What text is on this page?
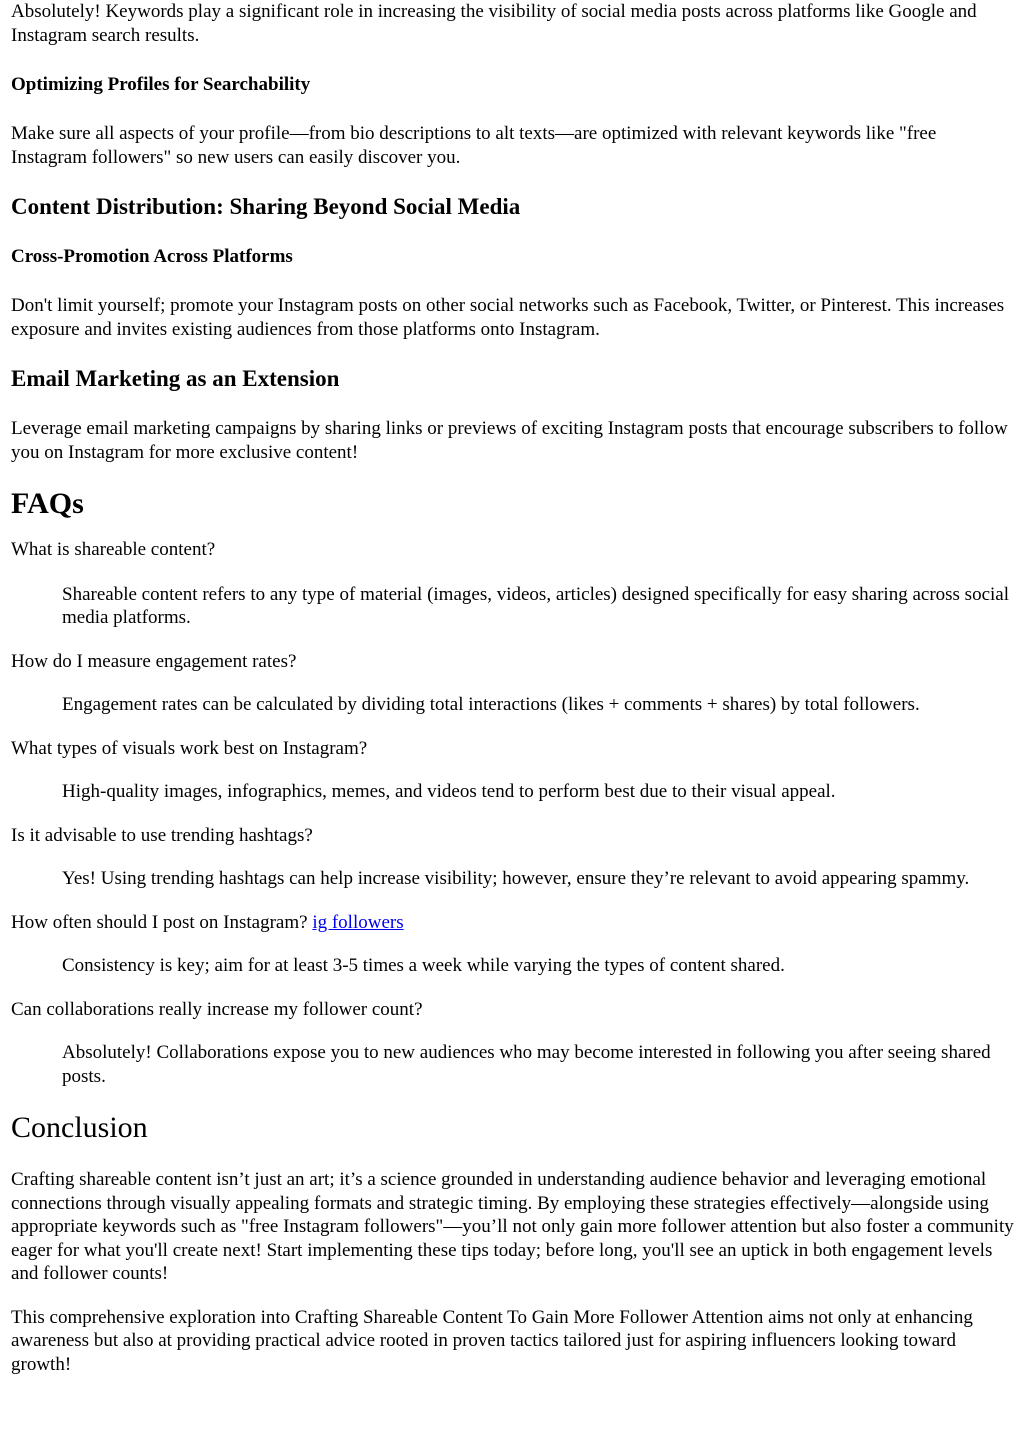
Absolutely! Keywords play a significant role in increasing the visibility of social media posts across platforms like Google and Instagram search results.

Optimizing Profiles for Searchability

Make sure all aspects of your profile—from bio descriptions to alt texts—are optimized with relevant keywords like "free Instagram followers" so new users can easily discover you.

Content Distribution: Sharing Beyond Social Media
Cross-Promotion Across Platforms

Don't limit yourself; promote your Instagram posts on other social networks such as Facebook, Twitter, or Pinterest. This increases exposure and invites existing audiences from those platforms onto Instagram.

Email Marketing as an Extension

Leverage email marketing campaigns by sharing links or previews of exciting Instagram posts that encourage subscribers to follow you on Instagram for more exclusive content!

FAQs
What is shareable content?
Shareable content refers to any type of material (images, videos, articles) designed specifically for easy sharing across social media platforms.
How do I measure engagement rates?
Engagement rates can be calculated by dividing total interactions (likes + comments + shares) by total followers.
What types of visuals work best on Instagram?
High-quality images, infographics, memes, and videos tend to perform best due to their visual appeal.
Is it advisable to use trending hashtags?
Yes! Using trending hashtags can help increase visibility; however, ensure they’re relevant to avoid appearing spammy.
How often should I post on Instagram? ig followers
Consistency is key; aim for at least 3-5 times a week while varying the types of content shared.
Can collaborations really increase my follower count?
Absolutely! Collaborations expose you to new audiences who may become interested in following you after seeing shared posts.
Conclusion

Crafting shareable content isn’t just an art; it’s a science grounded in understanding audience behavior and leveraging emotional connections through visually appealing formats and strategic timing. By employing these strategies effectively—alongside using appropriate keywords such as "free Instagram followers"—you’ll not only gain more follower attention but also foster a community eager for what you'll create next! Start implementing these tips today; before long, you'll see an uptick in both engagement levels and follower counts!

This comprehensive exploration into Crafting Shareable Content To Gain More Follower Attention aims not only at enhancing awareness but also at providing practical advice rooted in proven tactics tailored just for aspiring influencers looking toward growth!
